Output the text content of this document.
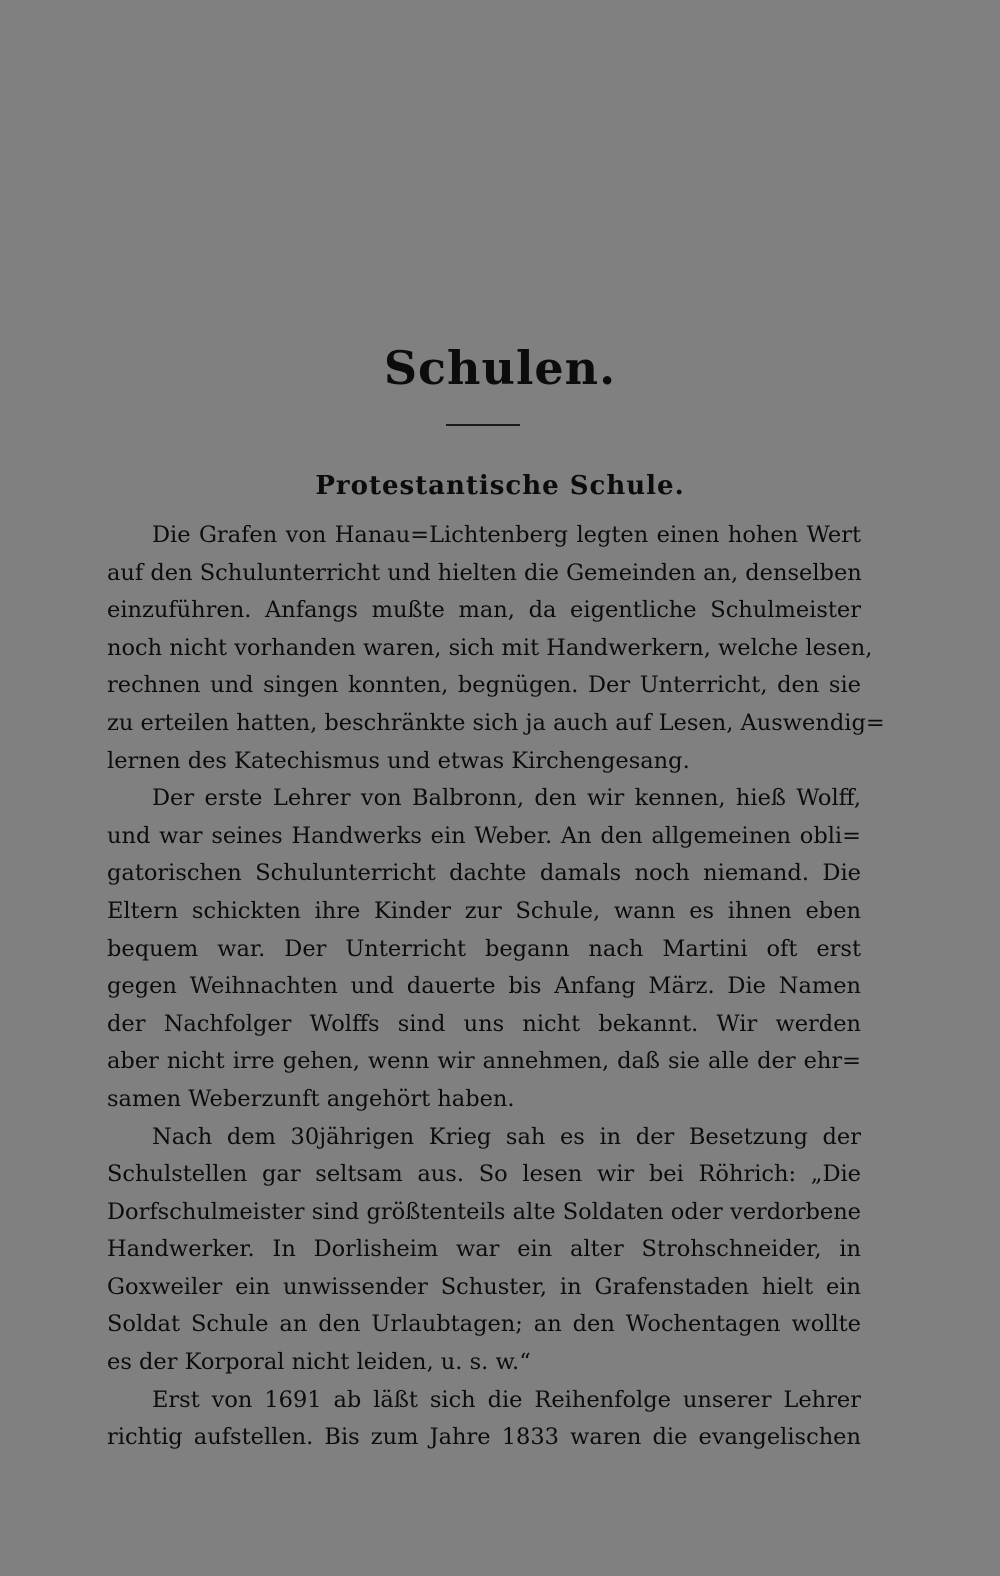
Schulen.
Protestantische Schule.
Die Grafen von Hanau=Lichtenberg legten einen hohen Wert
auf den Schulunterricht und hielten die Gemeinden an, denselben
einzuführen. Anfangs mußte man, da eigentliche Schulmeister
noch nicht vorhanden waren, sich mit Handwerkern, welche lesen,
rechnen und singen konnten, begnügen. Der Unterricht, den sie
zu erteilen hatten, beschränkte sich ja auch auf Lesen, Auswendig=
lernen des Katechismus und etwas Kirchengesang.
Der erste Lehrer von Balbronn, den wir kennen, hieß Wolff,
und war seines Handwerks ein Weber. An den allgemeinen obli=
gatorischen Schulunterricht dachte damals noch niemand. Die
Eltern schickten ihre Kinder zur Schule, wann es ihnen eben
bequem war. Der Unterricht begann nach Martini oft erst
gegen Weihnachten und dauerte bis Anfang März. Die Namen
der Nachfolger Wolffs sind uns nicht bekannt. Wir werden
aber nicht irre gehen, wenn wir annehmen, daß sie alle der ehr=
samen Weberzunft angehört haben.
Nach dem 30jährigen Krieg sah es in der Besetzung der
Schulstellen gar seltsam aus. So lesen wir bei Röhrich: „Die
Dorfschulmeister sind größtenteils alte Soldaten oder verdorbene
Handwerker. In Dorlisheim war ein alter Strohschneider, in
Goxweiler ein unwissender Schuster, in Grafenstaden hielt ein
Soldat Schule an den Urlaubtagen; an den Wochentagen wollte
es der Korporal nicht leiden, u. s. w.“
Erst von 1691 ab läßt sich die Reihenfolge unserer Lehrer
richtig aufstellen. Bis zum Jahre 1833 waren die evangelischen
